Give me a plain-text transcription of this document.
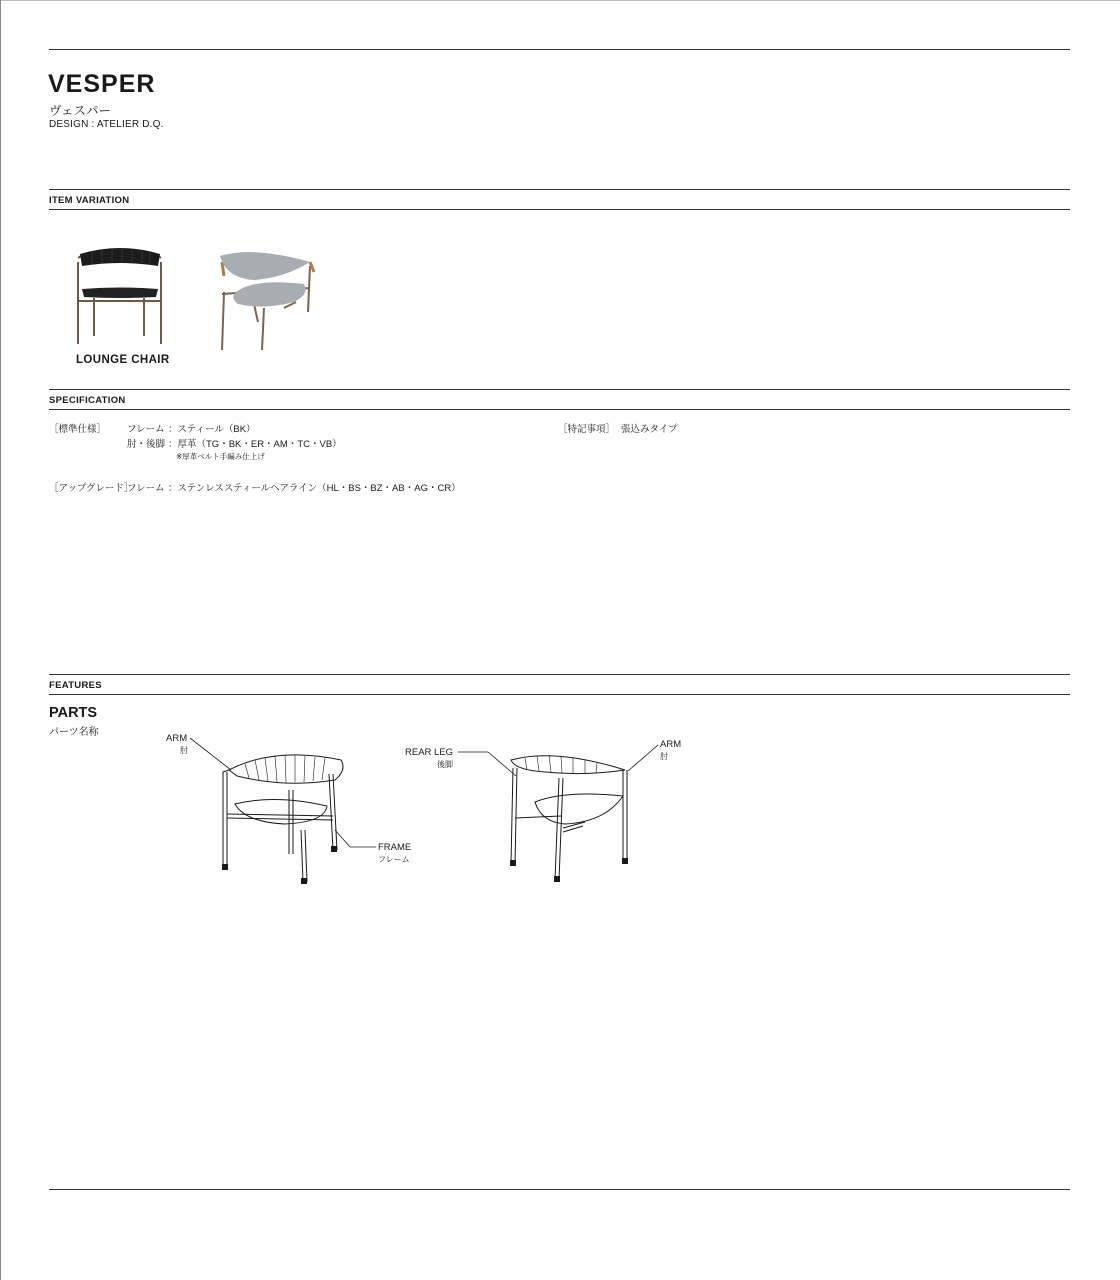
VESPER
ヴェスパー
DESIGN : ATELIER D.Q.
ITEM VARIATION
LOUNGE CHAIR
SPECIFICATION
［標準仕様］ フレーム ：スティール（BK）
肘・後脚 ：厚革（TG・BK・ER・AM・TC・VB）
※厚革ベルト手編み仕上げ
［アップグレード］
フレーム ：ステンレススティールヘアライン（HL・BS・BZ・AB・AG・CR）
［特記事項］ 張込みタイプ
FEATURES
PARTS
パーツ名称
ARM
肘
FRAME
フレーム
REAR LEG
後脚
ARM
肘
